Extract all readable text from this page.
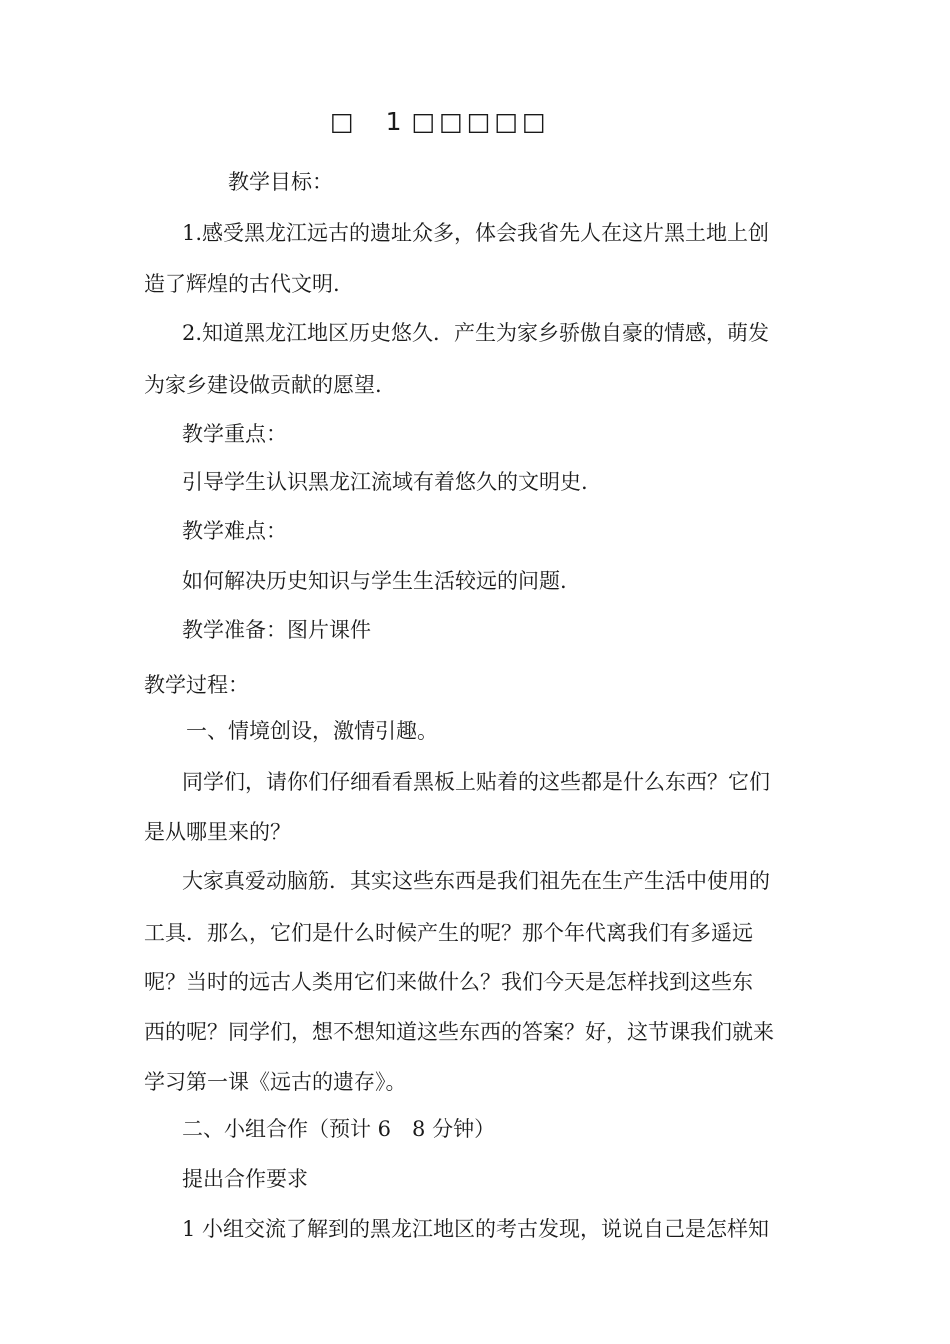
□ 1 □□□□□
教学目标：
1.感受黑龙江远古的遗址众多，体会我省先人在这片黑土地上创
造了辉煌的古代文明.
2.知道黑龙江地区历史悠久．产生为家乡骄傲自豪的情感，萌发
为家乡建设做贡献的愿望.
教学重点：
引导学生认识黑龙江流域有着悠久的文明史.
教学难点：
如何解决历史知识与学生生活较远的问题.
教学准备：图片课件
教学过程：
一、情境创设，激情引趣。
同学们，请你们仔细看看黑板上贴着的这些都是什么东西？它们
是从哪里来的？
大家真爱动脑筋．其实这些东西是我们祖先在生产生活中使用的
工具．那么，它们是什么时候产生的呢？那个年代离我们有多遥远
呢？当时的远古人类用它们来做什么？我们今天是怎样找到这些东
西的呢？同学们，想不想知道这些东西的答案？好，这节课我们就来
学习第一课《远古的遗存》。
二、小组合作（预计 6　8 分钟）
提出合作要求
1 小组交流了解到的黑龙江地区的考古发现，说说自己是怎样知
